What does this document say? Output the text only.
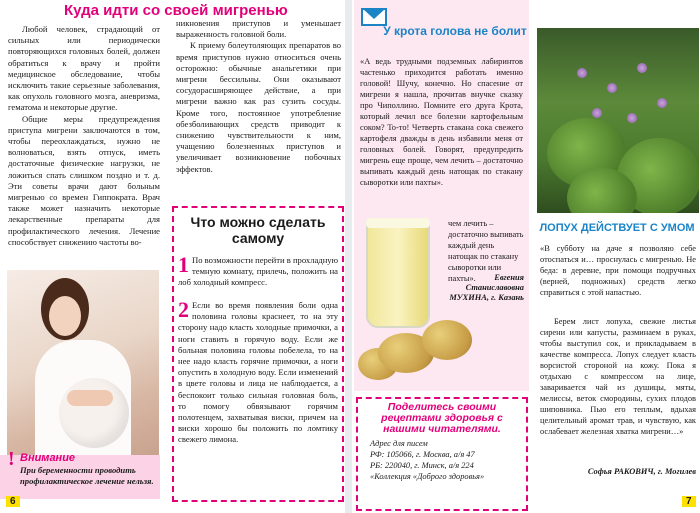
Куда идти со своей мигренью

Любой человек, страдающий от сильных или периодически повторяющихся головных болей, должен обратиться к врачу и пройти медицинское обследование, чтобы исключить такие серьезные заболевания, как опухоль головного мозга, аневризма, гематома и некоторые другие.

Общие меры предупреждения приступа мигрени заключаются в том, чтобы переохлаждаться, нужно не волноваться, взять отпуск, иметь достаточные физические нагрузки, не ложиться спать слишком поздно и т. д. Эти советы врачи дают больным мигренью со времен Гиппократа. Врач также может назначить некоторые лекарственные препараты для профилактического лечения. Лечение способствует снижению частоты во-

никновения приступов и уменьшает выраженность головной боли.

К приему болеутоляющих препаратов во время приступов нужно относиться очень осторожно: обычные анальгетики при мигрени бессильны. Они оказывают сосудорасширяющее действие, а при мигрени важно как раз сузить сосуды. Кроме того, постоянное употребление обезболивающих средств приводит к снижению чувствительности к ним, учащению болезненных приступов и увеличивает возникновение побочных эффектов.

! Внимание
При беременности проводить профилактическое лечение нельзя.
Что можно сделать самому
1 По возможности перейти в прохладную темную комнату, прилечь, положить на лоб холодный компресс.
2 Если во время появления боли одна половина головы краснеет, то на эту сторону надо класть холодные примочки, а ноги ставить в горячую воду. Если же больная половина головы побелела, то на нее надо класть горячие примочки, а ноги опустить в холодную воду. Если изменений в цвете головы и лица не наблюдается, а беспокоит только сильная головная боль, то помогу обвязывают горячим полотенцем, захватывая виски, причем на виски хорошо бы положить по ломтику свежего лимона.
6
У крота голова не болит
«А ведь трудными подземных лабиринтов частенько приходится работать именно головой! Шучу, конечно. Но спасение от мигрени я нашла, прочитав внучке сказку про Чиполлино. Помните его друга Крота, который лечил все болезни картофельным соком? То-то! Четверть стакана сока свежего картофеля дважды в день избавили меня от головных болей. Говорят, предупредить мигрень еще проще, чем лечить – достаточно выпивать каждый день натощак по стакану сыворотки или пахты».
чем лечить – достаточно выпивать каждый день натощак по стакану сыворотки или пахты».	Евгения Станиславовна МУХИНА, г. Казань
Поделитесь своими рецептами здоровья с нашими читателями.
Адрес для писем
РФ: 105066, г. Москва, а/я 47
РБ: 220040, г. Минск, а/я 224
«Коллекция «Доброго здоровья»
ЛОПУХ ДЕЙСТВУЕТ С УМОМ
«В субботу на даче я позволяю себе отоспаться и… проснулась с мигренью. Не беда: в деревне, при помощи подручных (верней, подножных) средств легко справиться с этой напастью.
Берем лист лопуха, свежие листья сирени или капусты, разминаем в руках, чтобы выступил сок, и прикладываем в качестве компресса. Лопух следует класть ворсистой стороной на кожу. Пока я отдыхаю с компрессом на лице, заваривается чай из душицы, мяты, мелиссы, веток смородины, сухих плодов шиповника. Пью его теплым, вдыхая целительный аромат трав, и чувствую, как ослабевает железная хватка мигрени…»
Софья РАКОВИЧ, г. Могилев
7
